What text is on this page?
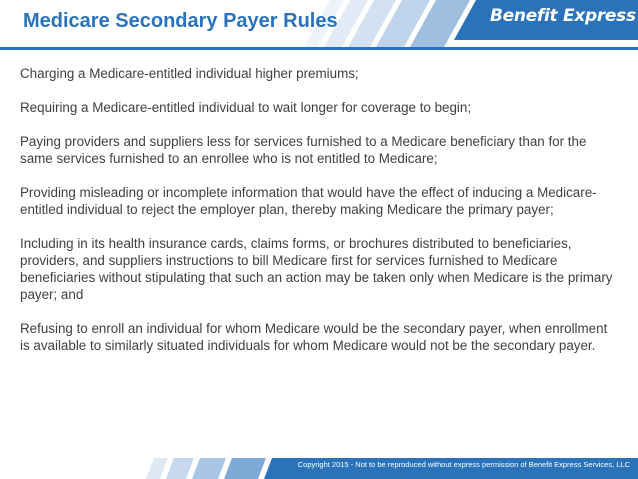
Medicare Secondary Payer Rules	Benefit Express

Charging a Medicare-entitled individual higher premiums;

Requiring a Medicare-entitled individual to wait longer for coverage to begin;

Paying providers and suppliers less for services furnished to a Medicare beneficiary than for the same services furnished to an enrollee who is not entitled to Medicare;

Providing misleading or incomplete information that would have the effect of inducing a Medicare-entitled individual to reject the employer plan, thereby making Medicare the primary payer;

Including in its health insurance cards, claims forms, or brochures distributed to beneficiaries, providers, and suppliers instructions to bill Medicare first for services furnished to Medicare beneficiaries without stipulating that such an action may be taken only when Medicare is the primary payer; and

Refusing to enroll an individual for whom Medicare would be the secondary payer, when enrollment is available to similarly situated individuals for whom Medicare would not be the secondary payer.

Copyright 2015 - Not to be reproduced without express permission of Benefit Express Services, LLC
